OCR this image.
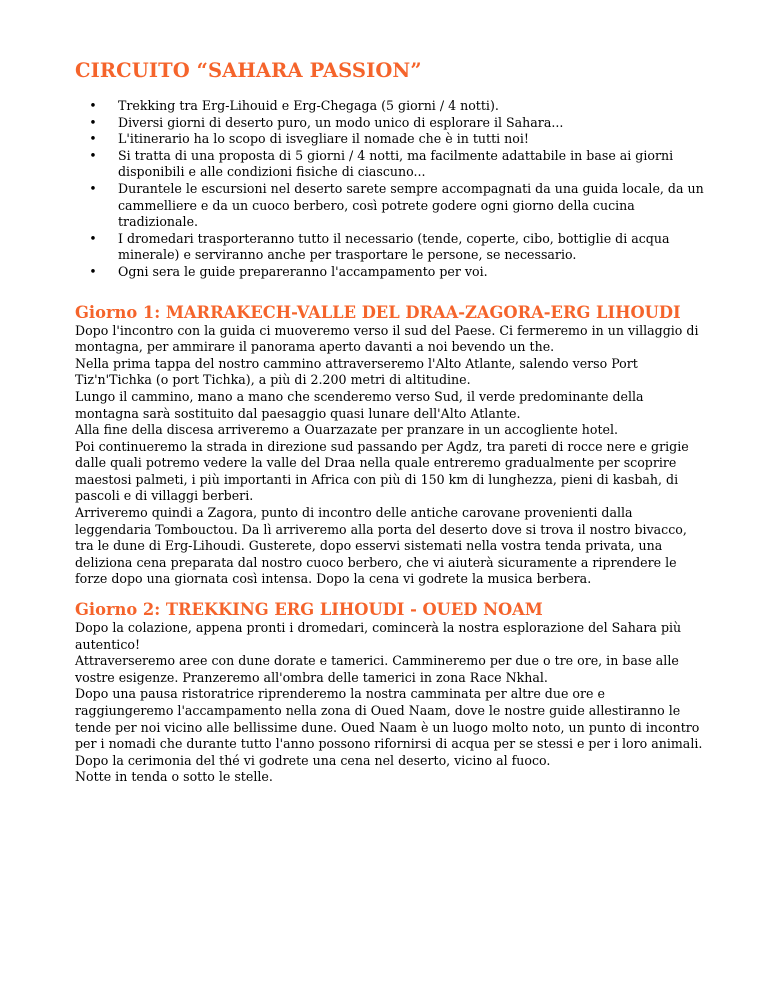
CIRCUITO “SAHARA PASSION”
• Trekking tra Erg-Lihouid e Erg-Chegaga (5 giorni / 4 notti).
• Diversi giorni di deserto puro, un modo unico di esplorare il Sahara...
• L'itinerario ha lo scopo di isvegliare il nomade che è in tutti noi!
• Si tratta di una proposta di 5 giorni / 4 notti, ma facilmente adattabile in base ai giorni disponibili e alle condizioni fisiche di ciascuno...
• Durantele le escursioni nel deserto sarete sempre accompagnati da una guida locale, da un cammelliere e da un cuoco berbero, così potrete godere ogni giorno della cucina tradizionale.
• I dromedari trasporteranno tutto il necessario (tende, coperte, cibo, bottiglie di acqua minerale) e serviranno anche per trasportare le persone, se necessario.
• Ogni sera le guide prepareranno l'accampamento per voi.
Giorno 1: MARRAKECH-VALLE DEL DRAA-ZAGORA-ERG LIHOUDI

Dopo l'incontro con la guida ci muoveremo verso il sud del Paese. Ci fermeremo in un villaggio di montagna, per ammirare il panorama aperto davanti a noi bevendo un the.

Nella prima tappa del nostro cammino attraverseremo l'Alto Atlante, salendo verso Port Tiz'n'Tichka (o port Tichka), a più di 2.200 metri di altitudine.

Lungo il cammino, mano a mano che scenderemo verso Sud, il verde predominante della montagna sarà sostituito dal paesaggio quasi lunare dell'Alto Atlante.

Alla fine della discesa arriveremo a Ouarzazate per pranzare in un accogliente hotel.

Poi continueremo la strada in direzione sud passando per Agdz, tra pareti di rocce nere e grigie dalle quali potremo vedere la valle del Draa nella quale entreremo gradualmente per scoprire maestosi palmeti, i più importanti in Africa con più di 150 km di lunghezza, pieni di kasbah, di pascoli e di villaggi berberi.

Arriveremo quindi a Zagora, punto di incontro delle antiche carovane provenienti dalla leggendaria Tombouctou. Da lì arriveremo alla porta del deserto dove si trova il nostro bivacco, tra le dune di Erg-Lihoudi. Gusterete, dopo esservi sistemati nella vostra tenda privata, una deliziona cena preparata dal nostro cuoco berbero, che vi aiuterà sicuramente a riprendere le forze dopo una giornata così intensa. Dopo la cena vi godrete la musica berbera.

Giorno 2: TREKKING ERG LIHOUDI - OUED NOAM

Dopo la colazione, appena pronti i dromedari, comincerà la nostra esplorazione del Sahara più autentico!

Attraverseremo aree con dune dorate e tamerici. Cammineremo per due o tre ore, in base alle vostre esigenze. Pranzeremo all'ombra delle tamerici in zona Race Nkhal.

Dopo una pausa ristoratrice riprenderemo la nostra camminata per altre due ore e raggiungeremo l'accampamento nella zona di Oued Naam, dove le nostre guide allestiranno le tende per noi vicino alle bellissime dune. Oued Naam è un luogo molto noto, un punto di incontro per i nomadi che durante tutto l'anno possono rifornirsi di acqua per se stessi e per i loro animali.

Dopo la cerimonia del thé vi godrete una cena nel deserto, vicino al fuoco.

Notte in tenda o sotto le stelle.
